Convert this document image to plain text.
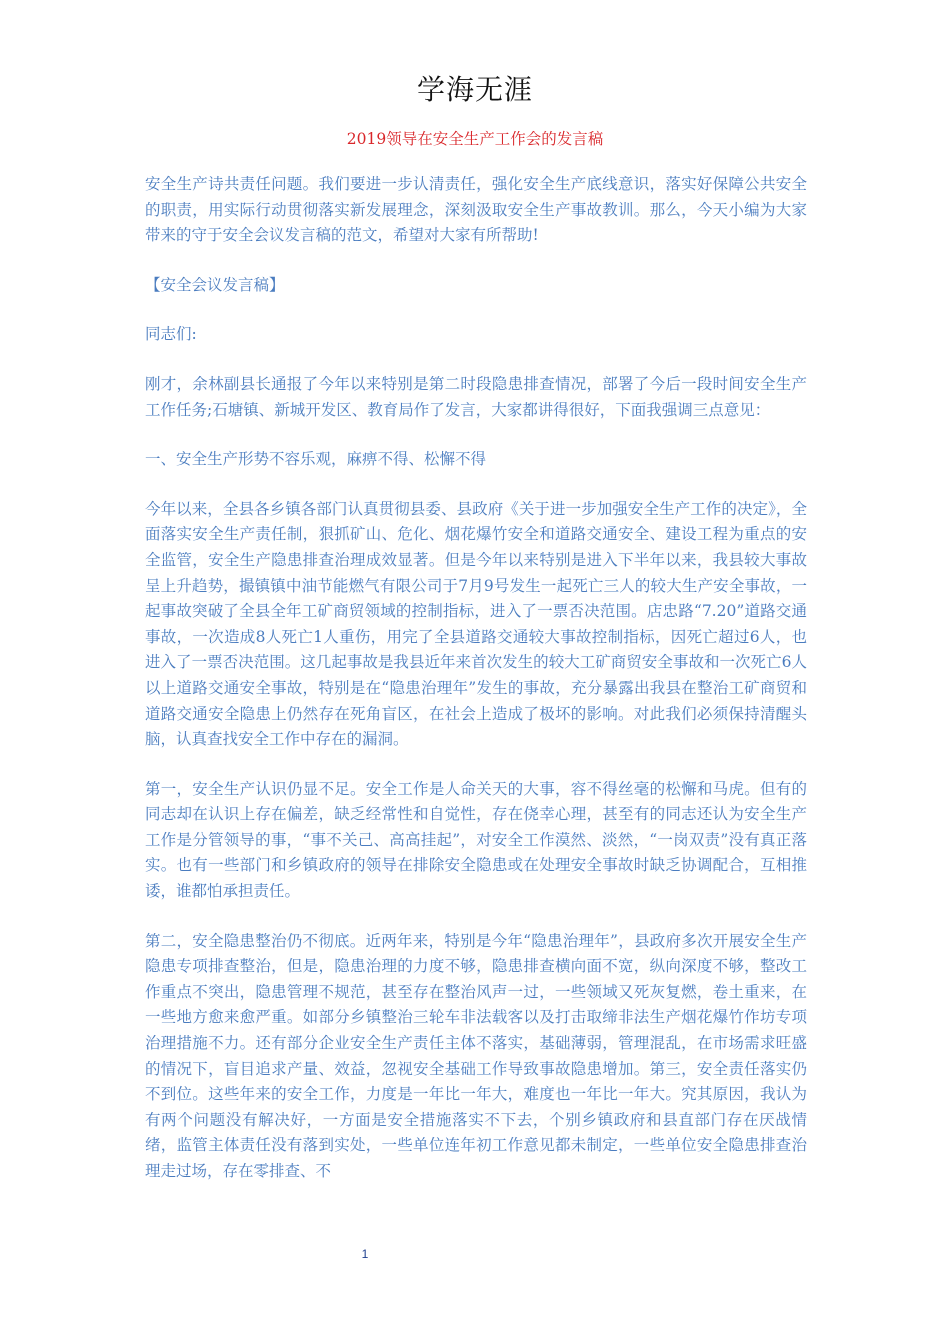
学海无涯
2019领导在安全生产工作会的发言稿

安全生产诗共责任问题。我们要进一步认清责任，强化安全生产底线意识，落实好保障公共安全的职责，用实际行动贯彻落实新发展理念，深刻汲取安全生产事故教训。那么，今天小编为大家带来的守于安全会议发言稿的范文，希望对大家有所帮助!

【安全会议发言稿】

同志们:

刚才，余林副县长通报了今年以来特别是第二时段隐患排查情况，部署了今后一段时间安全生产工作任务;石塘镇、新城开发区、教育局作了发言，大家都讲得很好，下面我强调三点意见：

一、安全生产形势不容乐观，麻痹不得、松懈不得

今年以来，全县各乡镇各部门认真贯彻县委、县政府《关于进一步加强安全生产工作的决定》，全面落实安全生产责任制，狠抓矿山、危化、烟花爆竹安全和道路交通安全、建设工程为重点的安全监管，安全生产隐患排查治理成效显著。但是今年以来特别是进入下半年以来，我县较大事故呈上升趋势，撮镇镇中油节能燃气有限公司于7月9号发生一起死亡三人的较大生产安全事故，一起事故突破了全县全年工矿商贸领域的控制指标，进入了一票否决范围。店忠路“7.20”道路交通事故，一次造成8人死亡1人重伤，用完了全县道路交通较大事故控制指标，因死亡超过6人，也进入了一票否决范围。这几起事故是我县近年来首次发生的较大工矿商贸安全事故和一次死亡6人以上道路交通安全事故，特别是在“隐患治理年”发生的事故，充分暴露出我县在整治工矿商贸和道路交通安全隐患上仍然存在死角盲区，在社会上造成了极坏的影响。对此我们必须保持清醒头脑，认真查找安全工作中存在的漏洞。

第一，安全生产认识仍显不足。安全工作是人命关天的大事，容不得丝毫的松懈和马虎。但有的同志却在认识上存在偏差，缺乏经常性和自觉性，存在侥幸心理，甚至有的同志还认为安全生产工作是分管领导的事，“事不关己、高高挂起”，对安全工作漠然、淡然，“一岗双责”没有真正落实。也有一些部门和乡镇政府的领导在排除安全隐患或在处理安全事故时缺乏协调配合，互相推诿，谁都怕承担责任。

第二，安全隐患整治仍不彻底。近两年来，特别是今年“隐患治理年”，县政府多次开展安全生产隐患专项排查整治，但是，隐患治理的力度不够，隐患排查横向面不宽，纵向深度不够，整改工作重点不突出，隐患管理不规范，甚至存在整治风声一过，一些领域又死灰复燃，卷土重来，在一些地方愈来愈严重。如部分乡镇整治三轮车非法载客以及打击取缔非法生产烟花爆竹作坊专项治理措施不力。还有部分企业安全生产责任主体不落实，基础薄弱，管理混乱，在市场需求旺盛的情况下，盲目追求产量、效益，忽视安全基础工作导致事故隐患增加。第三，安全责任落实仍不到位。这些年来的安全工作，力度是一年比一年大，难度也一年比一年大。究其原因，我认为有两个问题没有解决好，一方面是安全措施落实不下去，个别乡镇政府和县直部门存在厌战情绪，监管主体责任没有落到实处，一些单位连年初工作意见都未制定，一些单位安全隐患排查治理走过场，存在零排查、不

1
